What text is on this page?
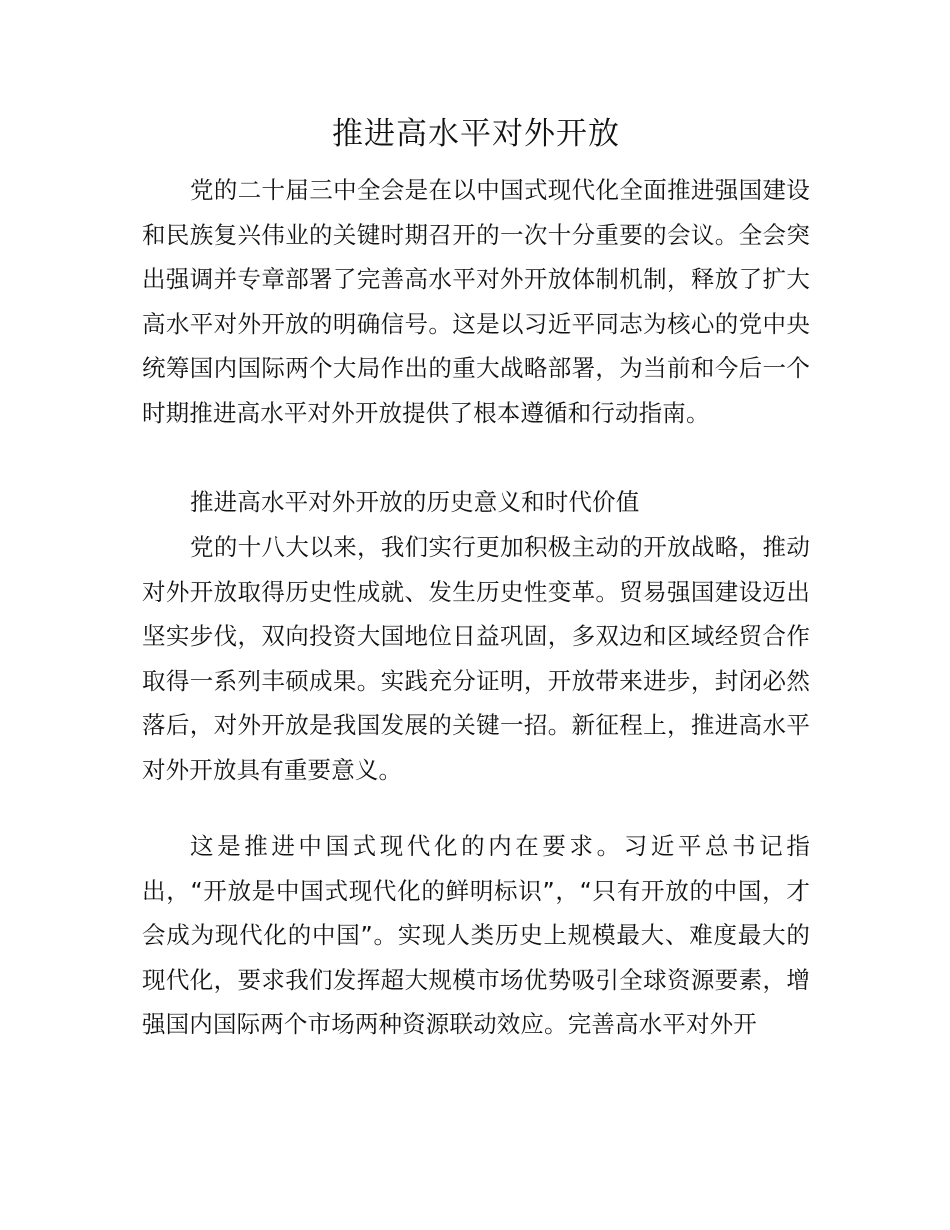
推进高水平对外开放

党的二十届三中全会是在以中国式现代化全面推进强国建设和民族复兴伟业的关键时期召开的一次十分重要的会议。全会突出强调并专章部署了完善高水平对外开放体制机制，释放了扩大高水平对外开放的明确信号。这是以习近平同志为核心的党中央统筹国内国际两个大局作出的重大战略部署，为当前和今后一个时期推进高水平对外开放提供了根本遵循和行动指南。

推进高水平对外开放的历史意义和时代价值

党的十八大以来，我们实行更加积极主动的开放战略，推动对外开放取得历史性成就、发生历史性变革。贸易强国建设迈出坚实步伐，双向投资大国地位日益巩固，多双边和区域经贸合作取得一系列丰硕成果。实践充分证明，开放带来进步，封闭必然落后，对外开放是我国发展的关键一招。新征程上，推进高水平对外开放具有重要意义。

这是推进中国式现代化的内在要求。习近平总书记指出，“开放是中国式现代化的鲜明标识”，“只有开放的中国，才会成为现代化的中国”。实现人类历史上规模最大、难度最大的现代化，要求我们发挥超大规模市场优势吸引全球资源要素，增强国内国际两个市场两种资源联动效应。完善高水平对外开
